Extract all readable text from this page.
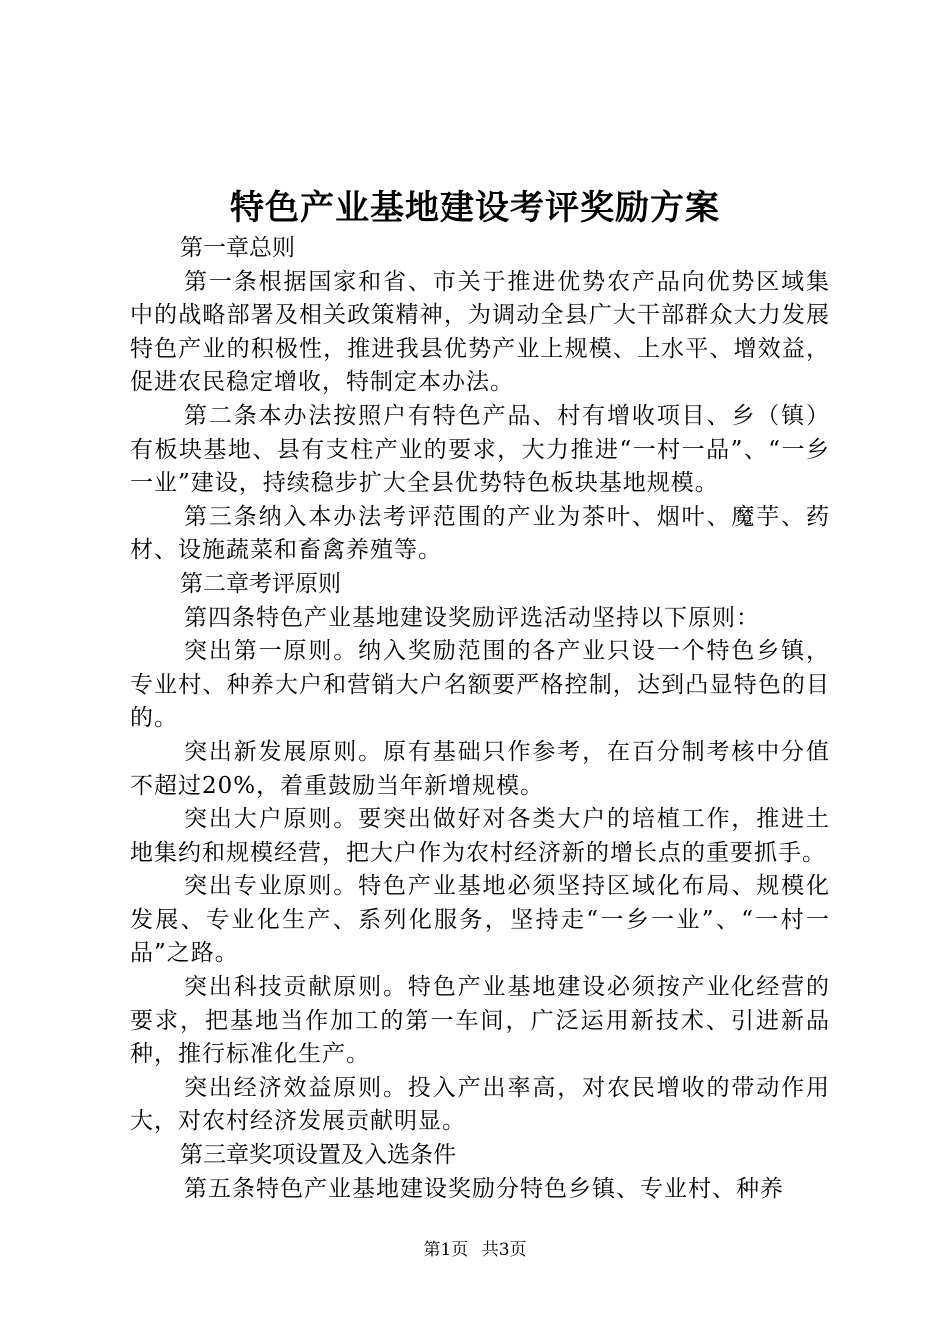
特色产业基地建设考评奖励方案

第一章总则

第一条根据国家和省、市关于推进优势农产品向优势区域集中的战略部署及相关政策精神，为调动全县广大干部群众大力发展特色产业的积极性，推进我县优势产业上规模、上水平、增效益，促进农民稳定增收，特制定本办法。

第二条本办法按照户有特色产品、村有增收项目、乡（镇）有板块基地、县有支柱产业的要求，大力推进“一村一品”、“一乡一业”建设，持续稳步扩大全县优势特色板块基地规模。

第三条纳入本办法考评范围的产业为茶叶、烟叶、魔芋、药材、设施蔬菜和畜禽养殖等。

第二章考评原则

第四条特色产业基地建设奖励评选活动坚持以下原则：

突出第一原则。纳入奖励范围的各产业只设一个特色乡镇，专业村、种养大户和营销大户名额要严格控制，达到凸显特色的目的。

突出新发展原则。原有基础只作参考，在百分制考核中分值不超过20%，着重鼓励当年新增规模。

突出大户原则。要突出做好对各类大户的培植工作，推进土地集约和规模经营，把大户作为农村经济新的增长点的重要抓手。

突出专业原则。特色产业基地必须坚持区域化布局、规模化发展、专业化生产、系列化服务，坚持走“一乡一业”、“一村一品”之路。

突出科技贡献原则。特色产业基地建设必须按产业化经营的要求，把基地当作加工的第一车间，广泛运用新技术、引进新品种，推行标准化生产。

突出经济效益原则。投入产出率高，对农民增收的带动作用大，对农村经济发展贡献明显。

第三章奖项设置及入选条件

第五条特色产业基地建设奖励分特色乡镇、专业村、种养

第1页 共3页
